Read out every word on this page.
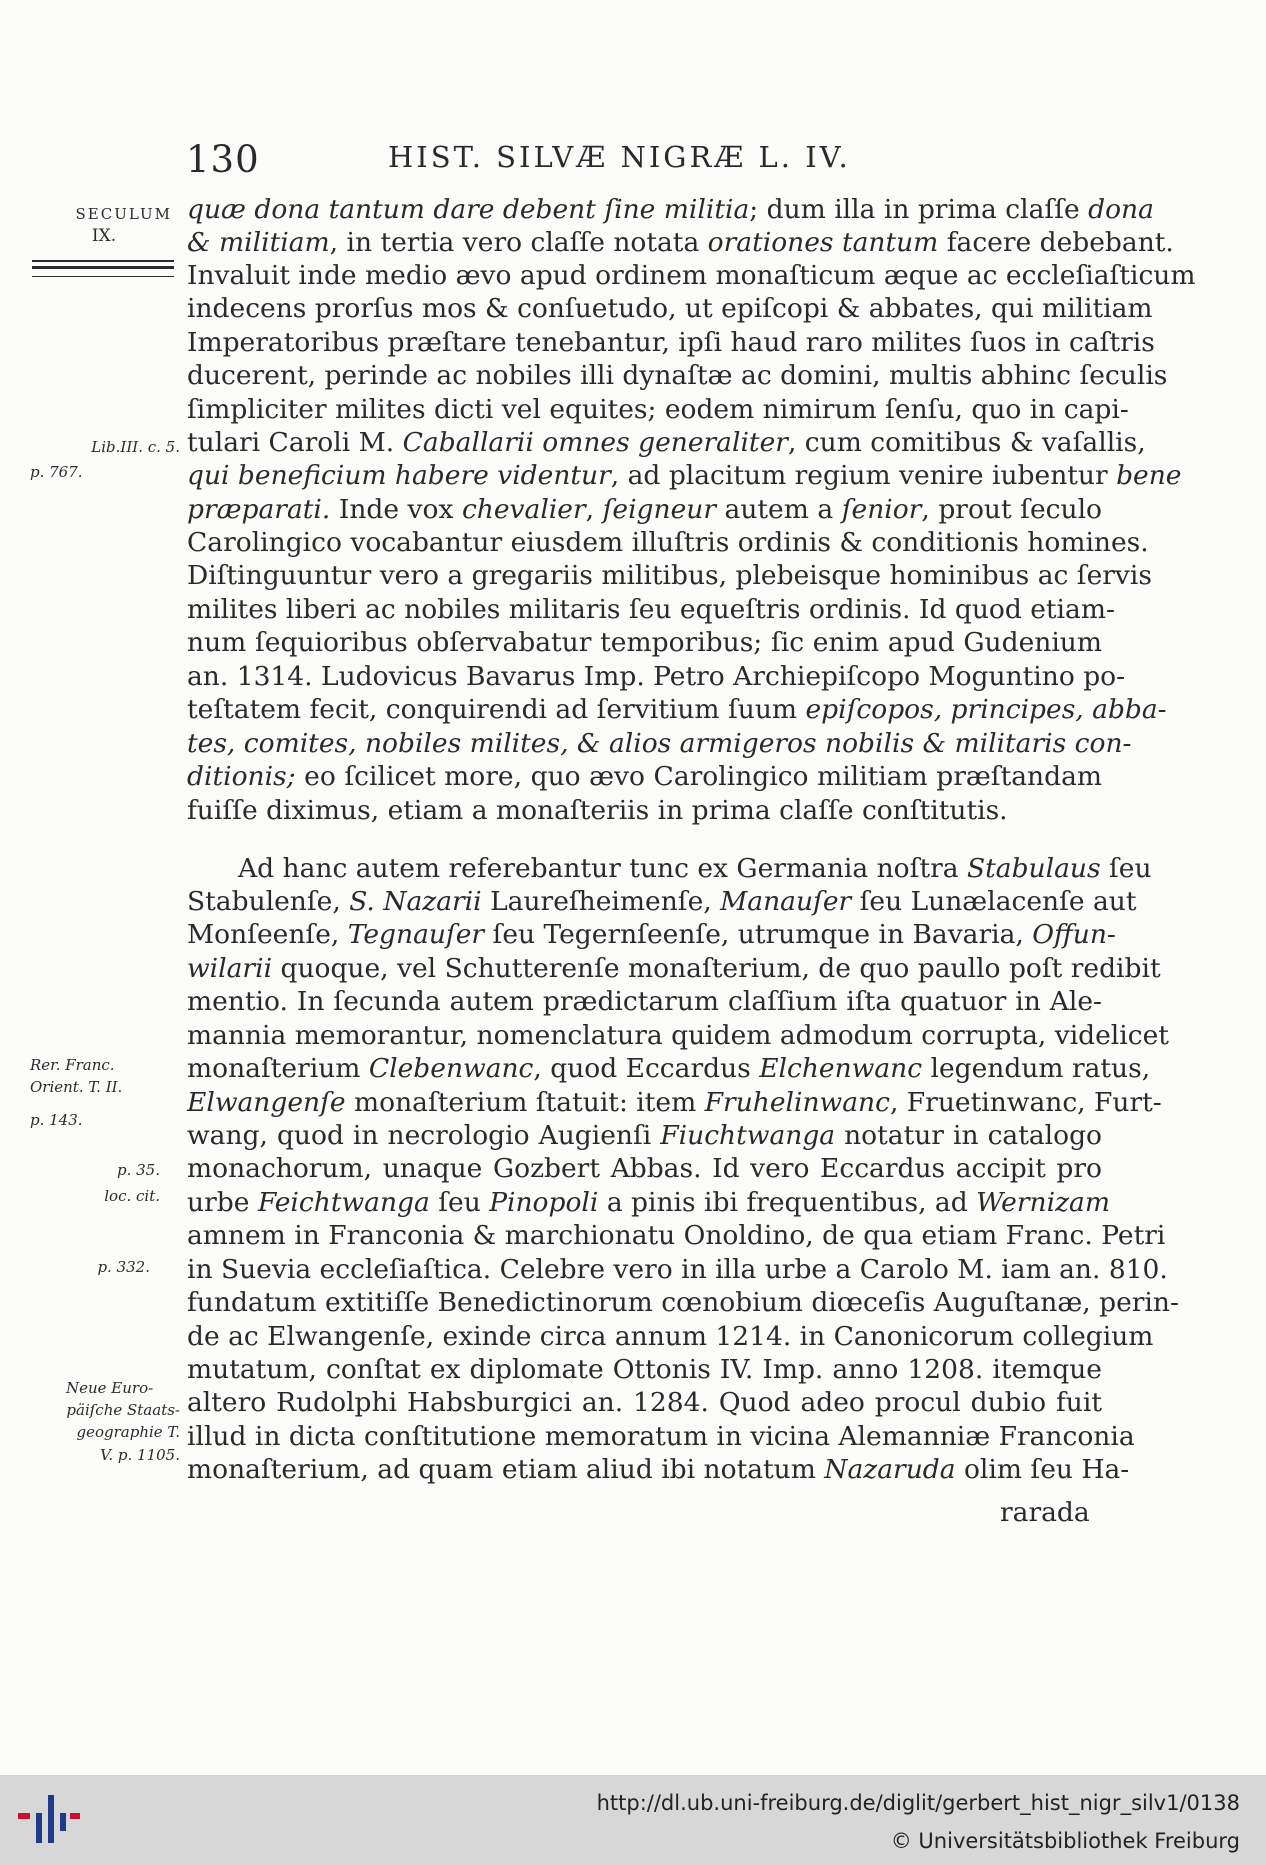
130	HIST. SILVÆ NIGRÆ L. IV.
SECULUM
IX.
Lib.III. c. 5.
p. 767.
Rer. Franc.
Orient. T. II.
p. 143.
p. 35.
loc. cit.
p. 332.
Neue Euro-
päiſche Staats-
geographie T.
V. p. 1105.
quæ dona tantum dare debent ſine militia; dum illa in prima claſſe dona
& militiam, in tertia vero claſſe notata orationes tantum facere debebant.
Invaluit inde medio ævo apud ordinem monaſticum æque ac eccleſiaſticum
indecens prorſus mos & conſuetudo, ut epiſcopi & abbates, qui militiam
Imperatoribus præſtare tenebantur, ipſi haud raro milites ſuos in caſtris
ducerent, perinde ac nobiles illi dynaſtæ ac domini, multis abhinc ſeculis
ſimpliciter milites dicti vel equites; eodem nimirum ſenſu, quo in capi-
tulari Caroli M. Caballarii omnes generaliter, cum comitibus & vaſallis,
qui beneficium habere videntur, ad placitum regium venire iubentur bene
præparati. Inde vox chevalier, ſeigneur autem a ſenior, prout ſeculo
Carolingico vocabantur eiusdem illuſtris ordinis & conditionis homines.
Diſtinguuntur vero a gregariis militibus, plebeisque hominibus ac ſervis
milites liberi ac nobiles militaris ſeu equeſtris ordinis. Id quod etiam-
num ſequioribus obſervabatur temporibus; ſic enim apud Gudenium
an. 1314. Ludovicus Bavarus Imp. Petro Archiepiſcopo Moguntino po-
teſtatem fecit, conquirendi ad ſervitium ſuum epiſcopos, principes, abba-
tes, comites, nobiles milites, & alios armigeros nobilis & militaris con-
ditionis; eo ſcilicet more, quo ævo Carolingico militiam præſtandam
fuiſſe diximus, etiam a monaſteriis in prima claſſe conſtitutis.
Ad hanc autem referebantur tunc ex Germania noſtra Stabulaus ſeu
Stabulenſe, S. Nazarii Laureſheimenſe, Manauſer ſeu Lunælacenſe aut
Monſeenſe, Tegnauſer ſeu Tegernſeenſe, utrumque in Bavaria, Offun-
wilarii quoque, vel Schutterenſe monaſterium, de quo paullo poſt redibit
mentio. In ſecunda autem prædictarum claſſium iſta quatuor in Ale-
mannia memorantur, nomenclatura quidem admodum corrupta, videlicet
monaſterium Clebenwanc, quod Eccardus Elchenwanc legendum ratus,
Elwangenſe monaſterium ſtatuit: item Fruhelinwanc, Fruetinwanc, Furt-
wang, quod in necrologio Augienſi Fiuchtwanga notatur in catalogo
monachorum, unaque Gozbert Abbas. Id vero Eccardus accipit pro
urbe Feichtwanga ſeu Pinopoli a pinis ibi frequentibus, ad Wernizam
amnem in Franconia & marchionatu Onoldino, de qua etiam Franc. Petri
in Suevia eccleſiaſtica. Celebre vero in illa urbe a Carolo M. iam an. 810.
fundatum extitiſſe Benedictinorum cœnobium diœceſis Auguſtanæ, perin-
de ac Elwangenſe, exinde circa annum 1214. in Canonicorum collegium
mutatum, conſtat ex diplomate Ottonis IV. Imp. anno 1208. itemque
altero Rudolphi Habsburgici an. 1284. Quod adeo procul dubio fuit
illud in dicta conſtitutione memoratum in vicina Alemanniæ Franconia
monaſterium, ad quam etiam aliud ibi notatum Nazaruda olim ſeu Ha-
rarada
http://dl.ub.uni-freiburg.de/diglit/gerbert_hist_nigr_silv1/0138
© Universitätsbibliothek Freiburg
